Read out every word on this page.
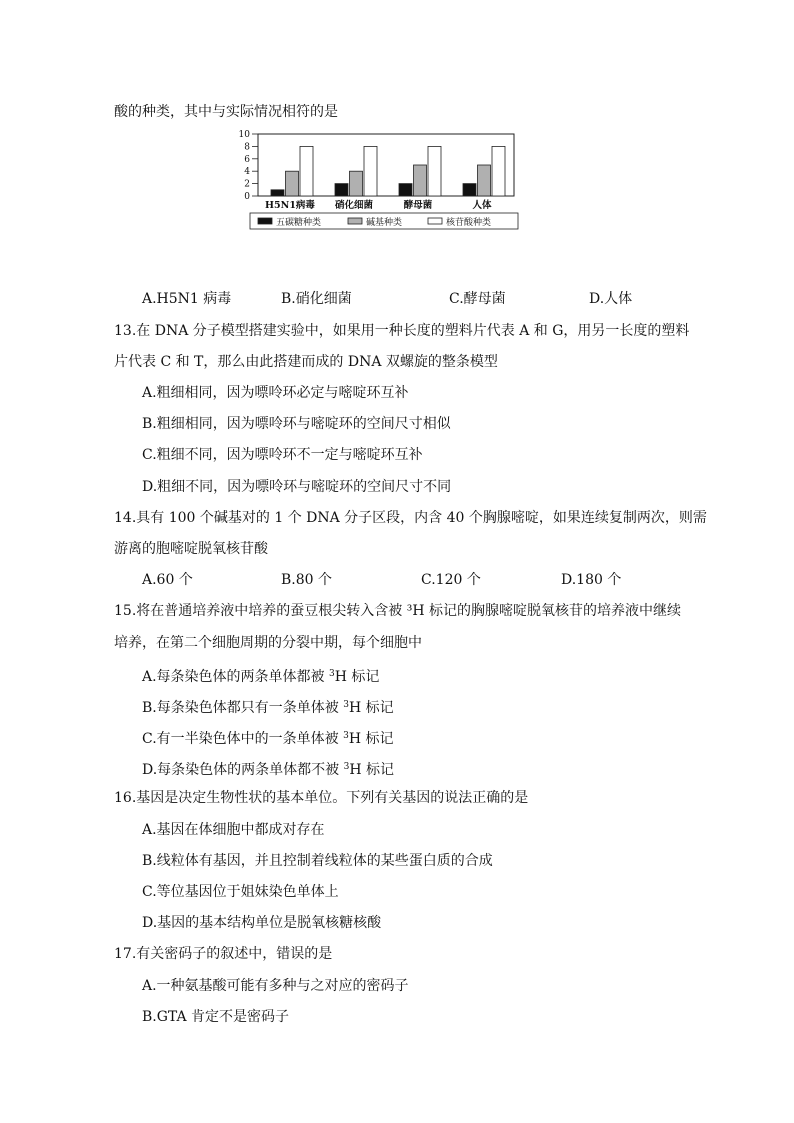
酸的种类，其中与实际情况相符的是
0
2
4
6
8
10
H5N1病毒 硝化细菌	酵母菌	人体
五碳糖种类	碱基种类	核苷酸种类
A.H5N1 病毒	B.硝化细菌	C.酵母菌	D.人体
13.在 DNA 分子模型搭建实验中，如果用一种长度的塑料片代表 A 和 G，用另一长度的塑料
片代表 C 和 T，那么由此搭建而成的 DNA 双螺旋的整条模型
A.粗细相同，因为嘌呤环必定与嘧啶环互补
B.粗细相同，因为嘌呤环与嘧啶环的空间尺寸相似
C.粗细不同，因为嘌呤环不一定与嘧啶环互补
D.粗细不同，因为嘌呤环与嘧啶环的空间尺寸不同
14.具有 100 个碱基对的 1 个 DNA 分子区段，内含 40 个胸腺嘧啶，如果连续复制两次，则需
游离的胞嘧啶脱氧核苷酸
A.60 个	B.80 个	C.120 个	D.180 个
15.将在普通培养液中培养的蚕豆根尖转入含被 ³H 标记的胸腺嘧啶脱氧核苷的培养液中继续
培养，在第二个细胞周期的分裂中期，每个细胞中
A.每条染色体的两条单体都被 $^3$H 标记
B.每条染色体都只有一条单体被 $^3$H 标记
C.有一半染色体中的一条单体被 $^3$H 标记
D.每条染色体的两条单体都不被 $^3$H 标记
16.基因是决定生物性状的基本单位。下列有关基因的说法正确的是
A.基因在体细胞中都成对存在
B.线粒体有基因，并且控制着线粒体的某些蛋白质的合成
C.等位基因位于姐妹染色单体上
D.基因的基本结构单位是脱氧核糖核酸
17.有关密码子的叙述中，错误的是
A.一种氨基酸可能有多种与之对应的密码子
B.GTA 肯定不是密码子
